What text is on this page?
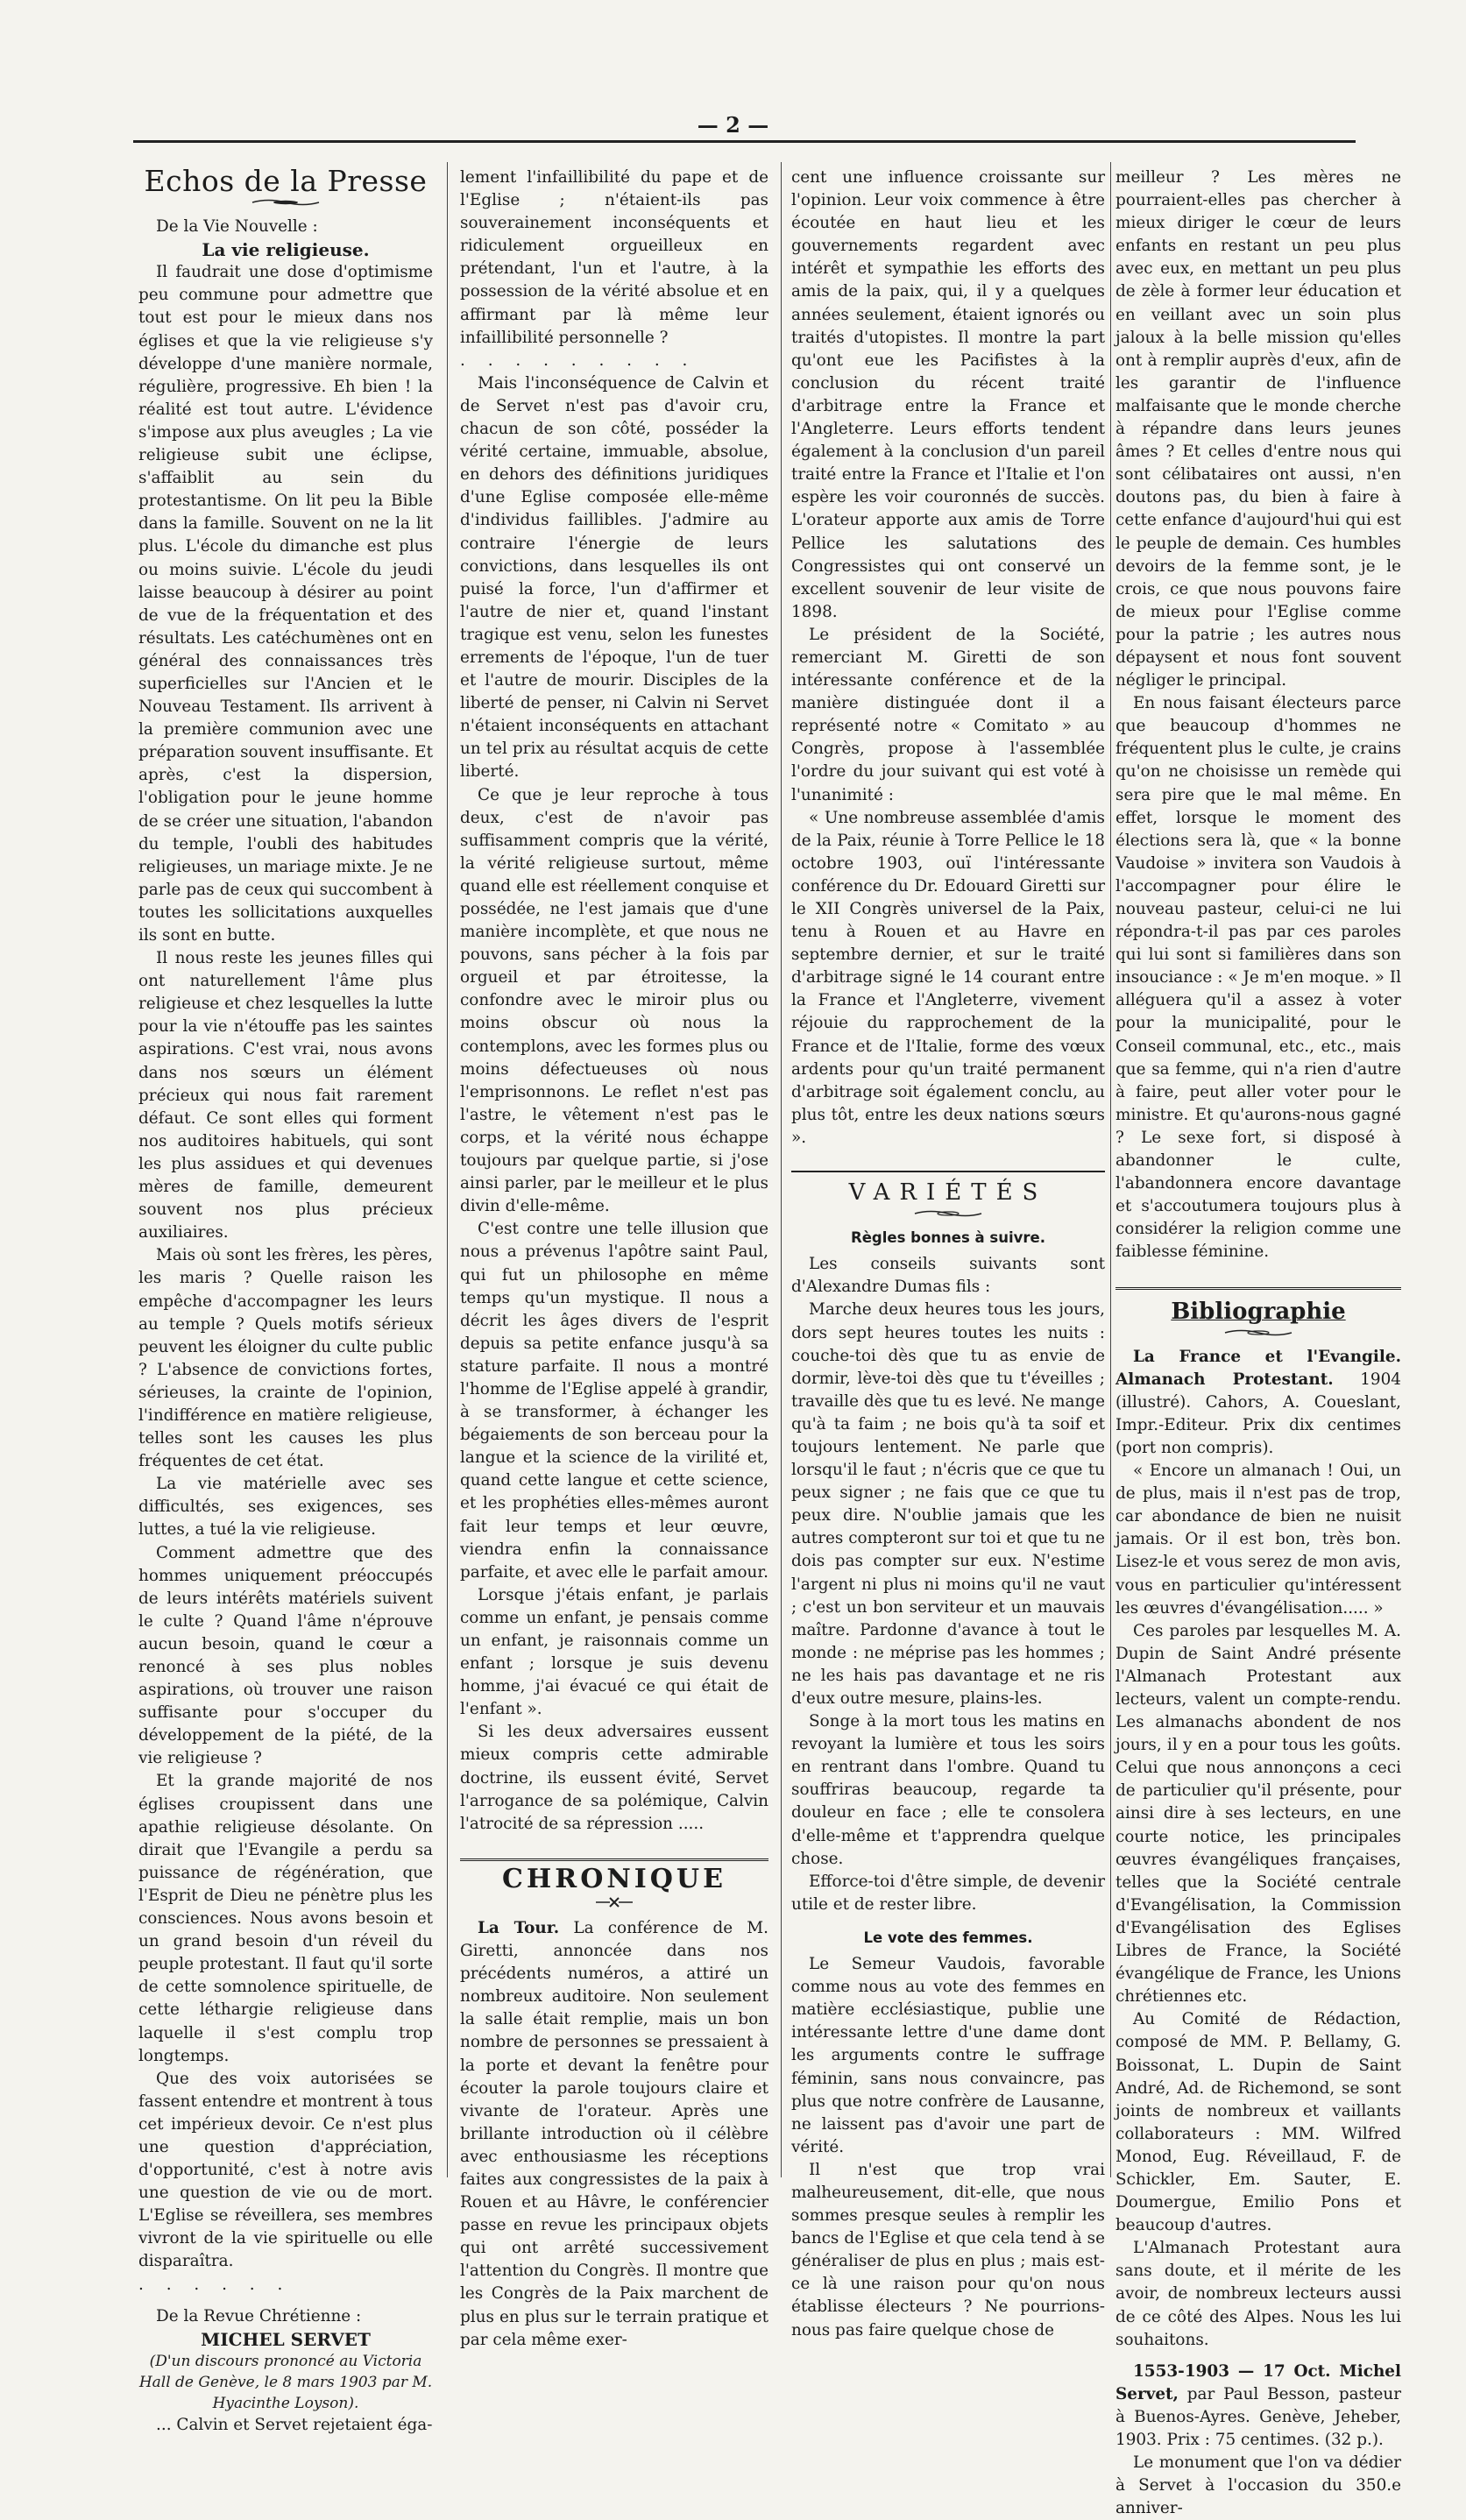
— 2 —
Echos de la Presse

De la Vie Nouvelle :

La vie religieuse.

Il faudrait une dose d'optimisme peu commune pour admettre que tout est pour le mieux dans nos églises et que la vie religieuse s'y développe d'une manière normale, régulière, progressive. Eh bien ! la réalité est tout autre. L'évidence s'impose aux plus aveugles ; La vie religieuse subit une éclipse, s'affaiblit au sein du protestantisme. On lit peu la Bible dans la famille. Souvent on ne la lit plus. L'école du dimanche est plus ou moins suivie. L'école du jeudi laisse beaucoup à désirer au point de vue de la fréquentation et des résultats. Les catéchumènes ont en général des connaissances très superficielles sur l'Ancien et le Nouveau Testament. Ils arrivent à la première communion avec une préparation souvent insuffisante. Et après, c'est la dispersion, l'obligation pour le jeune homme de se créer une situation, l'abandon du temple, l'oubli des habitudes religieuses, un mariage mixte. Je ne parle pas de ceux qui succombent à toutes les sollicitations auxquelles ils sont en butte.

Il nous reste les jeunes filles qui ont naturellement l'âme plus religieuse et chez lesquelles la lutte pour la vie n'étouffe pas les saintes aspirations. C'est vrai, nous avons dans nos sœurs un élément précieux qui nous fait rarement défaut. Ce sont elles qui forment nos auditoires habituels, qui sont les plus assidues et qui devenues mères de famille, demeurent souvent nos plus précieux auxiliaires.

Mais où sont les frères, les pères, les maris ? Quelle raison les empêche d'accompagner les leurs au temple ? Quels motifs sérieux peuvent les éloigner du culte public ? L'absence de convictions fortes, sérieuses, la crainte de l'opinion, l'indifférence en matière religieuse, telles sont les causes les plus fréquentes de cet état.

La vie matérielle avec ses difficultés, ses exigences, ses luttes, a tué la vie religieuse.

Comment admettre que des hommes uniquement préoccupés de leurs intérêts matériels suivent le culte ? Quand l'âme n'éprouve aucun besoin, quand le cœur a renoncé à ses plus nobles aspirations, où trouver une raison suffisante pour s'occuper du développement de la piété, de la vie religieuse ?

Et la grande majorité de nos églises croupissent dans une apathie religieuse désolante. On dirait que l'Evangile a perdu sa puissance de régénération, que l'Esprit de Dieu ne pénètre plus les consciences. Nous avons besoin et un grand besoin d'un réveil du peuple protestant. Il faut qu'il sorte de cette somnolence spirituelle, de cette léthargie religieuse dans laquelle il s'est complu trop longtemps.

Que des voix autorisées se fassent entendre et montrent à tous cet impérieux devoir. Ce n'est plus une question d'appréciation, d'opportunité, c'est à notre avis une question de vie ou de mort. L'Eglise se réveillera, ses membres vivront de la vie spirituelle ou elle disparaîtra.

. . . . . .

De la Revue Chrétienne :

MICHEL SERVET

(D'un discours prononcé au Victoria Hall de Genève, le 8 mars 1903 par M. Hyacinthe Loyson).

... Calvin et Servet rejetaient éga-

lement l'infaillibilité du pape et de l'Eglise ; n'étaient-ils pas souverainement inconséquents et ridiculement orgueilleux en prétendant, l'un et l'autre, à la possession de la vérité absolue et en affirmant par là même leur infaillibilité personnelle ?

. . . . . . . . .

Mais l'inconséquence de Calvin et de Servet n'est pas d'avoir cru, chacun de son côté, posséder la vérité certaine, immuable, absolue, en dehors des définitions juridiques d'une Eglise composée elle-même d'individus faillibles. J'admire au contraire l'énergie de leurs convictions, dans lesquelles ils ont puisé la force, l'un d'affirmer et l'autre de nier et, quand l'instant tragique est venu, selon les funestes errements de l'époque, l'un de tuer et l'autre de mourir. Disciples de la liberté de penser, ni Calvin ni Servet n'étaient inconséquents en attachant un tel prix au résultat acquis de cette liberté.

Ce que je leur reproche à tous deux, c'est de n'avoir pas suffisamment compris que la vérité, la vérité religieuse surtout, même quand elle est réellement conquise et possédée, ne l'est jamais que d'une manière incomplète, et que nous ne pouvons, sans pécher à la fois par orgueil et par étroitesse, la confondre avec le miroir plus ou moins obscur où nous la contemplons, avec les formes plus ou moins défectueuses où nous l'emprisonnons. Le reflet n'est pas l'astre, le vêtement n'est pas le corps, et la vérité nous échappe toujours par quelque partie, si j'ose ainsi parler, par le meilleur et le plus divin d'elle-même.

C'est contre une telle illusion que nous a prévenus l'apôtre saint Paul, qui fut un philosophe en même temps qu'un mystique. Il nous a décrit les âges divers de l'esprit depuis sa petite enfance jusqu'à sa stature parfaite. Il nous a montré l'homme de l'Eglise appelé à grandir, à se transformer, à échanger les bégaiements de son berceau pour la langue et la science de la virilité et, quand cette langue et cette science, et les prophéties elles-mêmes auront fait leur temps et leur œuvre, viendra enfin la connaissance parfaite, et avec elle le parfait amour.

Lorsque j'étais enfant, je parlais comme un enfant, je pensais comme un enfant, je raisonnais comme un enfant ; lorsque je suis devenu homme, j'ai évacué ce qui était de l'enfant ».

Si les deux adversaires eussent mieux compris cette admirable doctrine, ils eussent évité, Servet l'arrogance de sa polémique, Calvin l'atrocité de sa répression .....

CHRONIQUE

La Tour. La conférence de M. Giretti, annoncée dans nos précédents numéros, a attiré un nombreux auditoire. Non seulement la salle était remplie, mais un bon nombre de personnes se pressaient à la porte et devant la fenêtre pour écouter la parole toujours claire et vivante de l'orateur. Après une brillante introduction où il célèbre avec enthousiasme les réceptions faites aux congressistes de la paix à Rouen et au Hâvre, le conférencier passe en revue les principaux objets qui ont arrêté successivement l'attention du Congrès. Il montre que les Congrès de la Paix marchent de plus en plus sur le terrain pratique et par cela même exer-

cent une influence croissante sur l'opinion. Leur voix commence à être écoutée en haut lieu et les gouvernements regardent avec intérêt et sympathie les efforts des amis de la paix, qui, il y a quelques années seulement, étaient ignorés ou traités d'utopistes. Il montre la part qu'ont eue les Pacifistes à la conclusion du récent traité d'arbitrage entre la France et l'Angleterre. Leurs efforts tendent également à la conclusion d'un pareil traité entre la France et l'Italie et l'on espère les voir couronnés de succès. L'orateur apporte aux amis de Torre Pellice les salutations des Congressistes qui ont conservé un excellent souvenir de leur visite de 1898.

Le président de la Société, remerciant M. Giretti de son intéressante conférence et de la manière distinguée dont il a représenté notre « Comitato » au Congrès, propose à l'assemblée l'ordre du jour suivant qui est voté à l'unanimité :

« Une nombreuse assemblée d'amis de la Paix, réunie à Torre Pellice le 18 octobre 1903, ouï l'intéressante conférence du Dr. Edouard Giretti sur le XII Congrès universel de la Paix, tenu à Rouen et au Havre en septembre dernier, et sur le traité d'arbitrage signé le 14 courant entre la France et l'Angleterre, vivement réjouie du rapprochement de la France et de l'Italie, forme des vœux ardents pour qu'un traité permanent d'arbitrage soit également conclu, au plus tôt, entre les deux nations sœurs ».

VARIÉTÉS
Règles bonnes à suivre.

Les conseils suivants sont d'Alexandre Dumas fils :

Marche deux heures tous les jours, dors sept heures toutes les nuits : couche-toi dès que tu as envie de dormir, lève-toi dès que tu t'éveilles ; travaille dès que tu es levé. Ne mange qu'à ta faim ; ne bois qu'à ta soif et toujours lentement. Ne parle que lorsqu'il le faut ; n'écris que ce que tu peux signer ; ne fais que ce que tu peux dire. N'oublie jamais que les autres compteront sur toi et que tu ne dois pas compter sur eux. N'estime l'argent ni plus ni moins qu'il ne vaut ; c'est un bon serviteur et un mauvais maître. Pardonne d'avance à tout le monde : ne méprise pas les hommes ; ne les hais pas davantage et ne ris d'eux outre mesure, plains-les.

Songe à la mort tous les matins en revoyant la lumière et tous les soirs en rentrant dans l'ombre. Quand tu souffriras beaucoup, regarde ta douleur en face ; elle te consolera d'elle-même et t'apprendra quelque chose.

Efforce-toi d'être simple, de devenir utile et de rester libre.

Le vote des femmes.

Le Semeur Vaudois, favorable comme nous au vote des femmes en matière ecclésiastique, publie une intéressante lettre d'une dame dont les arguments contre le suffrage féminin, sans nous convaincre, pas plus que notre confrère de Lausanne, ne laissent pas d'avoir une part de vérité.

Il n'est que trop vrai malheureusement, dit-elle, que nous sommes presque seules à remplir les bancs de l'Eglise et que cela tend à se généraliser de plus en plus ; mais est-ce là une raison pour qu'on nous établisse électeurs ? Ne pourrions-nous pas faire quelque chose de

meilleur ? Les mères ne pourraient-elles pas chercher à mieux diriger le cœur de leurs enfants en restant un peu plus avec eux, en mettant un peu plus de zèle à former leur éducation et en veillant avec un soin plus jaloux à la belle mission qu'elles ont à remplir auprès d'eux, afin de les garantir de l'influence malfaisante que le monde cherche à répandre dans leurs jeunes âmes ? Et celles d'entre nous qui sont célibataires ont aussi, n'en doutons pas, du bien à faire à cette enfance d'aujourd'hui qui est le peuple de demain. Ces humbles devoirs de la femme sont, je le crois, ce que nous pouvons faire de mieux pour l'Eglise comme pour la patrie ; les autres nous dépaysent et nous font souvent négliger le principal.

En nous faisant électeurs parce que beaucoup d'hommes ne fréquentent plus le culte, je crains qu'on ne choisisse un remède qui sera pire que le mal même. En effet, lorsque le moment des élections sera là, que « la bonne Vaudoise » invitera son Vaudois à l'accompagner pour élire le nouveau pasteur, celui-ci ne lui répondra-t-il pas par ces paroles qui lui sont si familières dans son insouciance : « Je m'en moque. » Il alléguera qu'il a assez à voter pour la municipalité, pour le Conseil communal, etc., etc., mais que sa femme, qui n'a rien d'autre à faire, peut aller voter pour le ministre. Et qu'aurons-nous gagné ? Le sexe fort, si disposé à abandonner le culte, l'abandonnera encore davantage et s'accoutumera toujours plus à considérer la religion comme une faiblesse féminine.

Bibliographie

La France et l'Evangile. Almanach Protestant. 1904 (illustré). Cahors, A. Coueslant, Impr.-Editeur. Prix dix centimes (port non compris).

« Encore un almanach ! Oui, un de plus, mais il n'est pas de trop, car abondance de bien ne nuisit jamais. Or il est bon, très bon. Lisez-le et vous serez de mon avis, vous en particulier qu'intéressent les œuvres d'évangélisation..... »

Ces paroles par lesquelles M. A. Dupin de Saint André présente l'Almanach Protestant aux lecteurs, valent un compte-rendu. Les almanachs abondent de nos jours, il y en a pour tous les goûts. Celui que nous annonçons a ceci de particulier qu'il présente, pour ainsi dire à ses lecteurs, en une courte notice, les principales œuvres évangéliques françaises, telles que la Société centrale d'Evangélisation, la Commission d'Evangélisation des Eglises Libres de France, la Société évangélique de France, les Unions chrétiennes etc.

Au Comité de Rédaction, composé de MM. P. Bellamy, G. Boissonat, L. Dupin de Saint André, Ad. de Richemond, se sont joints de nombreux et vaillants collaborateurs : MM. Wilfred Monod, Eug. Réveillaud, F. de Schickler, Em. Sauter, E. Doumergue, Emilio Pons et beaucoup d'autres.

L'Almanach Protestant aura sans doute, et il mérite de les avoir, de nombreux lecteurs aussi de ce côté des Alpes. Nous les lui souhaitons.

1553-1903 — 17 Oct. Michel Servet, par Paul Besson, pasteur à Buenos-Ayres. Genève, Jeheber, 1903. Prix : 75 centimes. (32 p.).

Le monument que l'on va dédier à Servet à l'occasion du 350.e anniver-
